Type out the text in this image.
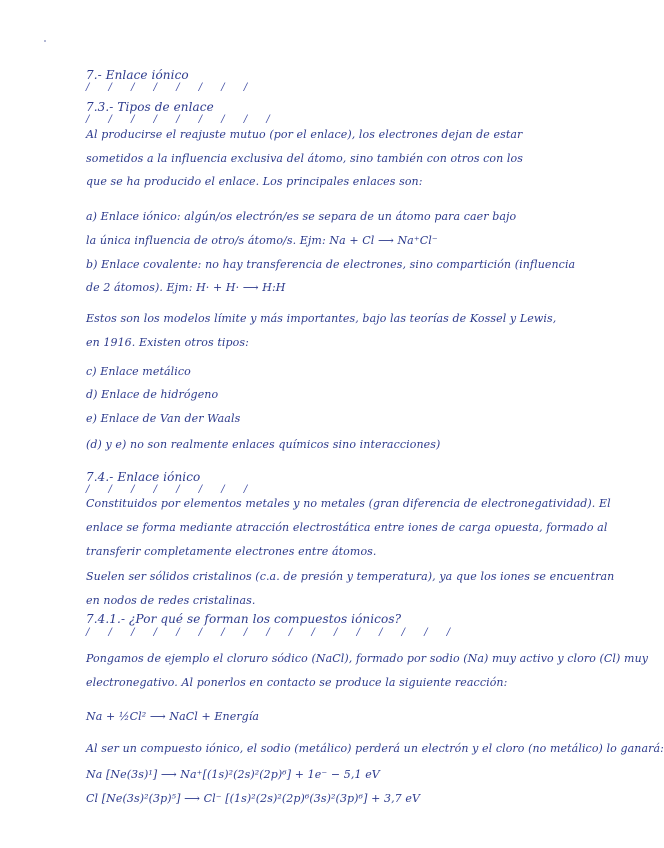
7.- Enlace iónico
/ / / / / / / /
7.3.- Tipos de enlace
/ / / / / / / / /
Al producirse el reajuste mutuo (por el enlace), los electrones dejan de estar
sometidos a la influencia exclusiva del átomo, sino también con otros con los
que se ha producido el enlace. Los principales enlaces son:
a) Enlace iónico: algún/os electrón/es se separa de un átomo para caer bajo
la única influencia de otro/s átomo/s. Ejm: Na + Cl ⟶ Na⁺Cl⁻
b) Enlace covalente: no hay transferencia de electrones, sino compartición (influencia
de 2 átomos). Ejm: H· + H· ⟶ H:H
Estos son los modelos límite y más importantes, bajo las teorías de Kossel y Lewis,
en 1916. Existen otros tipos:
c) Enlace metálico
d) Enlace de hidrógeno
e) Enlace de Van der Waals
(d) y e) no son realmente enlaces químicos sino interacciones)
7.4.- Enlace iónico
/ / / / / / / /
Constituidos por elementos metales y no metales (gran diferencia de electronegatividad). El
enlace se forma mediante atracción electrostática entre iones de carga opuesta, formado al
transferir completamente electrones entre átomos.
Suelen ser sólidos cristalinos (c.a. de presión y temperatura), ya que los iones se encuentran
en nodos de redes cristalinas.
7.4.1.- ¿Por qué se forman los compuestos iónicos?
/ / / / / / / / / / / / / / / / /
Pongamos de ejemplo el cloruro sódico (NaCl), formado por sodio (Na) muy activo y cloro (Cl) muy
electronegativo. Al ponerlos en contacto se produce la siguiente reacción:
Na + ½Cl² ⟶ NaCl + Energía
Al ser un compuesto iónico, el sodio (metálico) perderá un electrón y el cloro (no metálico) lo ganará:
Na [Ne(3s)¹] ⟶ Na⁺[(1s)²(2s)²(2p)⁶] + 1e⁻ − 5,1 eV
Cl [Ne(3s)²(3p)⁵] ⟶ Cl⁻ [(1s)²(2s)²(2p)⁶(3s)²(3p)⁶] + 3,7 eV
